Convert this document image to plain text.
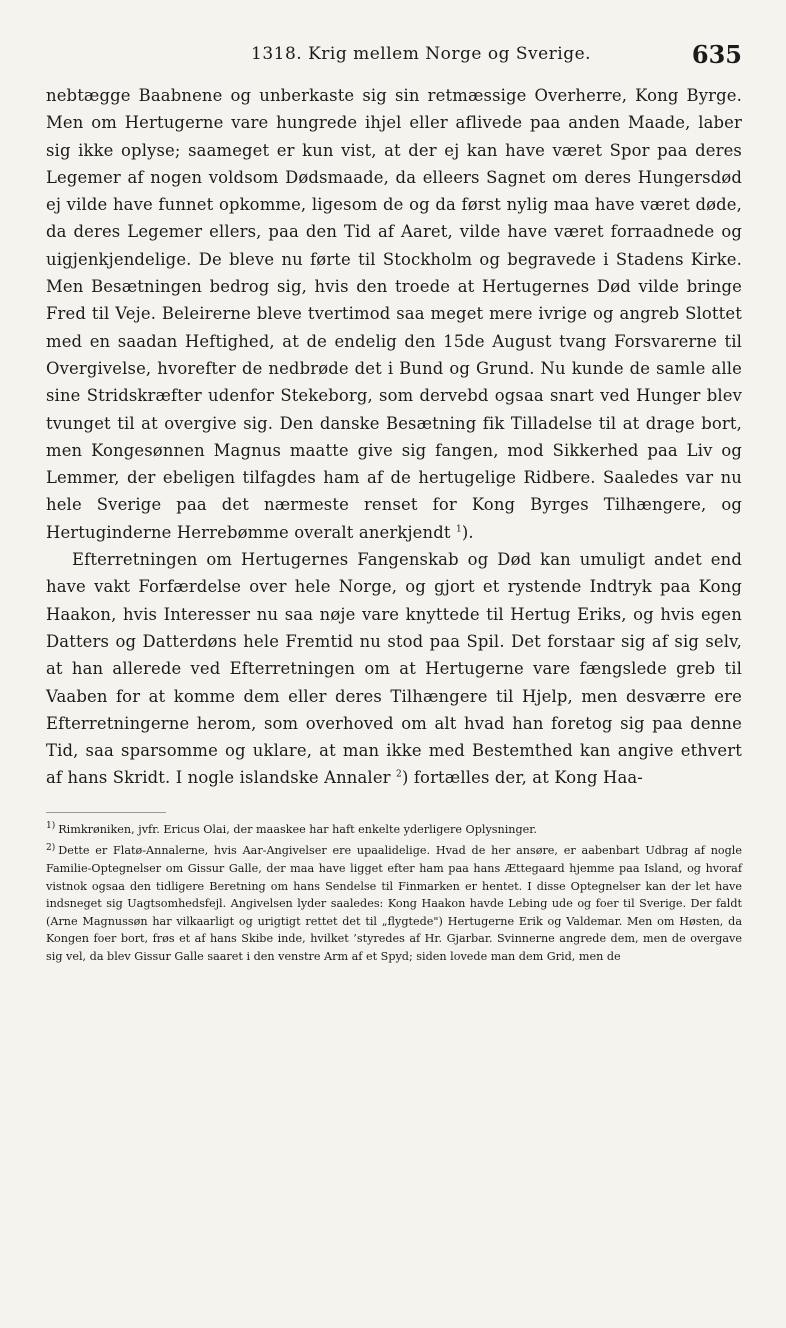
1318. Krig mellem Norge og Sverige.	635

nebtægge Baabnene og unberkaste sig sin retmæssige Overherre, Kong Byrge. Men om Hertugerne vare hungrede ihjel eller aflivede paa anden Maade, laber sig ikke oplyse; saameget er kun vist, at der ej kan have været Spor paa deres Legemer af nogen voldsom Dødsmaade, da elleers Sagnet om deres Hungersdød ej vilde have funnet opkomme, ligesom de og da først nylig maa have været døde, da deres Legemer ellers, paa den Tid af Aaret, vilde have været forraadnede og uigjenkjendelige. De bleve nu førte til Stockholm og begravede i Stadens Kirke. Men Besætningen bedrog sig, hvis den troede at Hertugernes Død vilde bringe Fred til Veje. Beleirerne bleve tvertimod saa meget mere ivrige og angreb Slottet med en saadan Heftighed, at de endelig den 15de August tvang Forsvarerne til Overgivelse, hvorefter de nedbrøde det i Bund og Grund. Nu kunde de samle alle sine Stridskræfter udenfor Stekeborg, som dervebd ogsaa snart ved Hunger blev tvunget til at overgive sig. Den danske Besætning fik Tilladelse til at drage bort, men Kongesønnen Magnus maatte give sig fangen, mod Sikkerhed paa Liv og Lemmer, der ebeligen tilfagdes ham af de hertugelige Ridbere. Saaledes var nu hele Sverige paa det nærmeste renset for Kong Byrges Tilhængere, og Hertuginderne Herrebømme overalt anerkjendt $^1$).

Efterretningen om Hertugernes Fangenskab og Død kan umuligt andet end have vakt Forfærdelse over hele Norge, og gjort et rystende Indtryk paa Kong Haakon, hvis Interesser nu saa nøje vare knyttede til Hertug Eriks, og hvis egen Datters og Datterdøns hele Fremtid nu stod paa Spil. Det forstaar sig af sig selv, at han allerede ved Efterretningen om at Hertugerne vare fængslede greb til Vaaben for at komme dem eller deres Tilhængere til Hjelp, men desværre ere Efterretningerne herom, som overhoved om alt hvad han foretog sig paa denne Tid, saa sparsomme og uklare, at man ikke med Bestemthed kan angive ethvert af hans Skridt. I nogle islandske Annaler $^2$) fortælles der, at Kong Haa-

$^{1)}$ Rimkrøniken, jvfr. Ericus Olai, der maaskee har haft enkelte yderligere Oplysninger.

$^{2)}$ Dette er Flatø-Annalerne, hvis Aar-Angivelser ere upaalidelige. Hvad de her ansøre, er aabenbart Udbrag af nogle Familie-Optegnelser om Gissur Galle, der maa have ligget efter ham paa hans Ættegaard hjemme paa Island, og hvoraf vistnok ogsaa den tidligere Beretning om hans Sendelse til Finmarken er hentet. I disse Optegnelser kan der let have indsneget sig Uagtsomhedsfejl. Angivelsen lyder saaledes: Kong Haakon havde Lebing ude og foer til Sverige. Der faldt (Arne Magnussøn har vilkaarligt og urigtigt rettet det til „flygtede") Hertugerne Erik og Valdemar. Men om Høsten, da Kongen foer bort, frøs et af hans Skibe inde, hvilket ’styredes af Hr. Gjarbar. Svinnerne angrede dem, men de overgave sig vel, da blev Gissur Galle saaret i den venstre Arm af et Spyd; siden lovede man dem Grid, men de
